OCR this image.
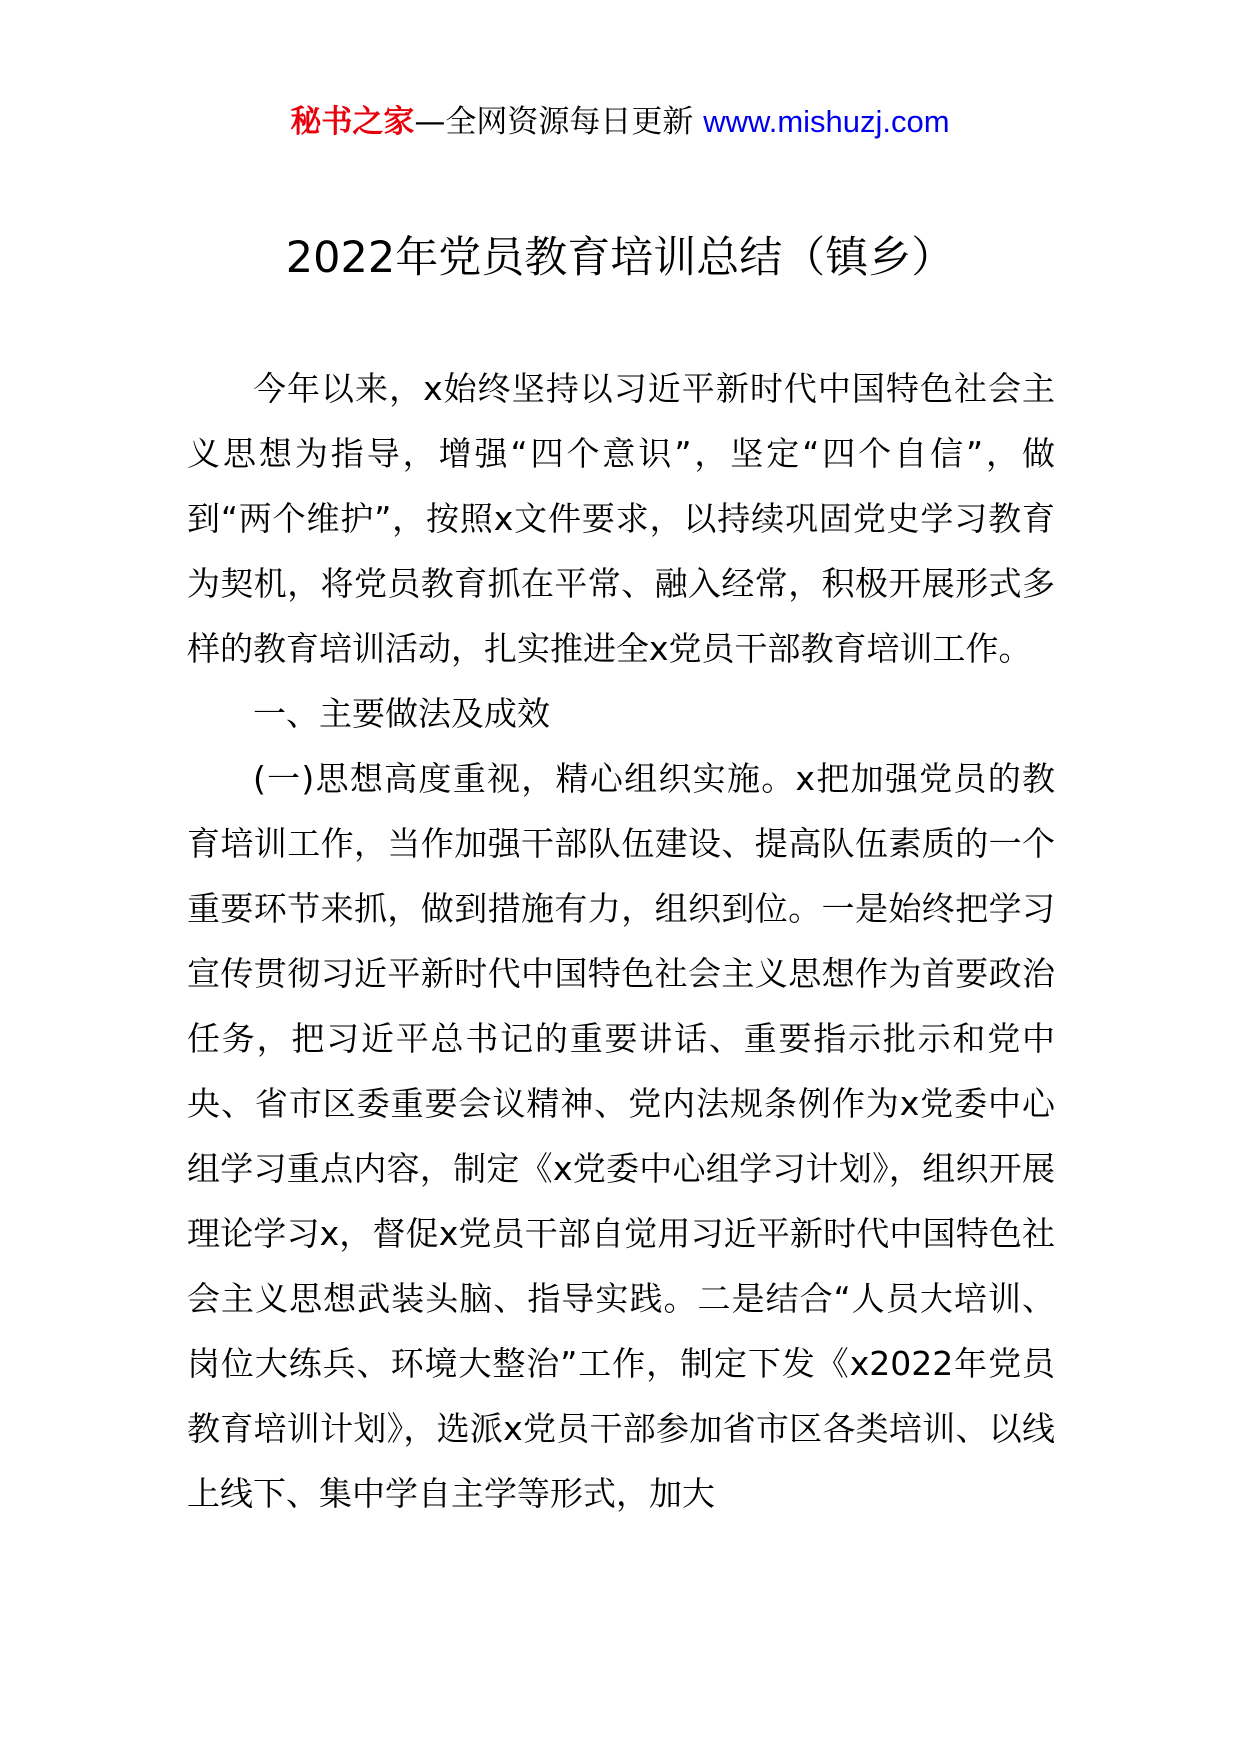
秘书之家—全网资源每日更新 www.mishuzj.com
2022年党员教育培训总结（镇乡）

今年以来，x始终坚持以习近平新时代中国特色社会主义思想为指导，增强“四个意识”，坚定“四个自信”，做到“两个维护”，按照x文件要求，以持续巩固党史学习教育为契机，将党员教育抓在平常、融入经常，积极开展形式多样的教育培训活动，扎实推进全x党员干部教育培训工作。

一、主要做法及成效

(一)思想高度重视，精心组织实施。x把加强党员的教育培训工作，当作加强干部队伍建设、提高队伍素质的一个重要环节来抓，做到措施有力，组织到位。一是始终把学习宣传贯彻习近平新时代中国特色社会主义思想作为首要政治任务，把习近平总书记的重要讲话、重要指示批示和党中央、省市区委重要会议精神、党内法规条例作为x党委中心组学习重点内容，制定《x党委中心组学习计划》，组织开展理论学习x，督促x党员干部自觉用习近平新时代中国特色社会主义思想武装头脑、指导实践。二是结合“人员大培训、岗位大练兵、环境大整治”工作，制定下发《x2022年党员教育培训计划》，选派x党员干部参加省市区各类培训、以线上线下、集中学自主学等形式，加大
